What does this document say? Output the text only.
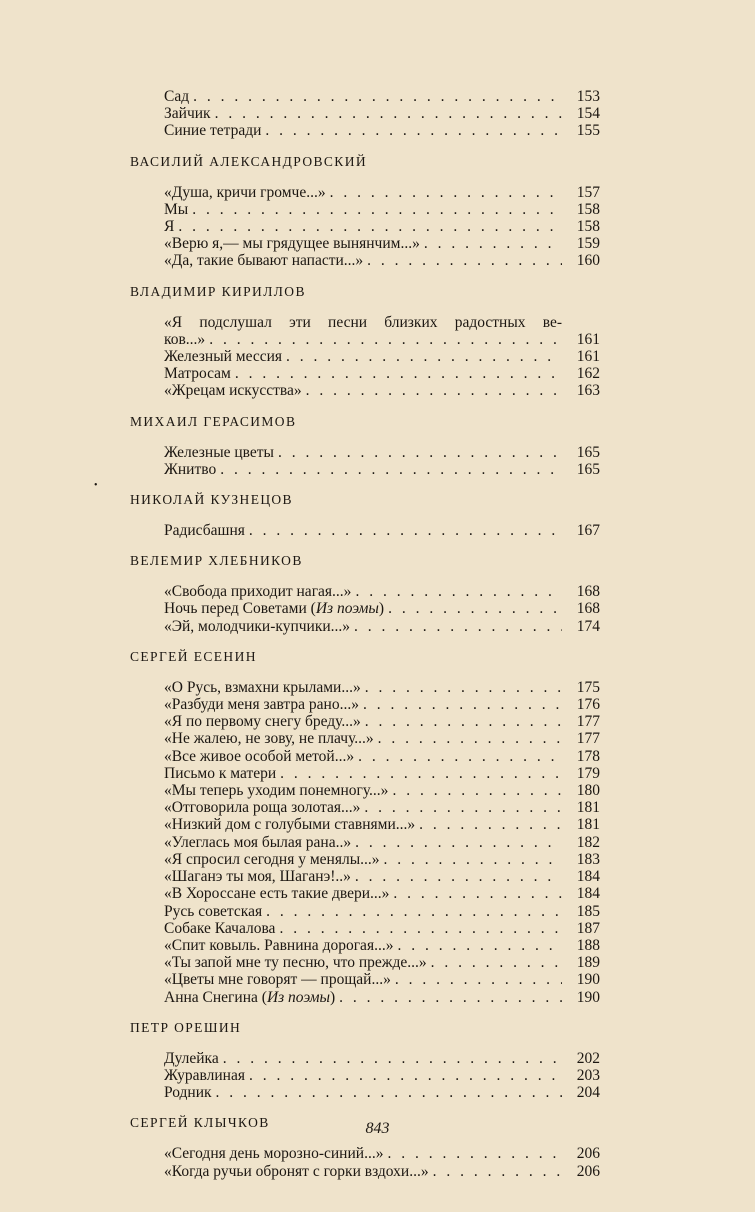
Сад . . .	153
Зайчик . . .	154
Синие тетради . . .	155
ВАСИЛИЙ АЛЕКСАНДРОВСКИЙ
«Душа, кричи громче...» . . .	157
Мы . . .	158
Я . . .	158
«Верю я,— мы грядущее вынянчим...» . . .	159
«Да, такие бывают напасти...» . . .	160
ВЛАДИМИР КИРИЛЛОВ
«Я подслушал эти песни близких радостных ве-
ков...» . . .	161
Железный мессия . . .	161
Матросам . . .	162
«Жрецам искусства» . . .	163
МИХАИЛ ГЕРАСИМОВ
Железные цветы . . .	165
Жнитво . . .	165
НИКОЛАЙ КУЗНЕЦОВ
Радисбашня . . .	167
ВЕЛЕМИР ХЛЕБНИКОВ
«Свобода приходит нагая...» . . .	168
Ночь перед Советами (Из поэмы) . . .	168
«Эй, молодчики-купчики...» . . .	174
СЕРГЕЙ ЕСЕНИН
«О Русь, взмахни крылами...» . . .	175
«Разбуди меня завтра рано...» . . .	176
«Я по первому снегу бреду...» . . .	177
«Не жалею, не зову, не плачу...» . . .	177
«Все живое особой метой...» . . .	178
Письмо к матери . . .	179
«Мы теперь уходим понемногу...» . . .	180
«Отговорила роща золотая...» . . .	181
«Низкий дом с голубыми ставнями...» . . .	181
«Улеглась моя былая рана..» . . .	182
«Я спросил сегодня у менялы...» . . .	183
«Шаганэ ты моя, Шаганэ!..» . . .	184
«В Хороссане есть такие двери...» . . .	184
Русь советская . . .	185
Собаке Качалова . . .	187
«Спит ковыль. Равнина дорогая...» . . .	188
«Ты запой мне ту песню, что прежде...» . . .	189
«Цветы мне говорят — прощай...» . . .	190
Анна Снегина (Из поэмы) . . .	190
ПЕТР ОРЕШИН
Дулейка . . .	202
Журавлиная . . .	203
Родник . . .	204
СЕРГЕЙ КЛЫЧКОВ
«Сегодня день морозно-синий...» . . .	206
«Когда ручьи обронят с горки вздохи...» . . .	206
•
843
